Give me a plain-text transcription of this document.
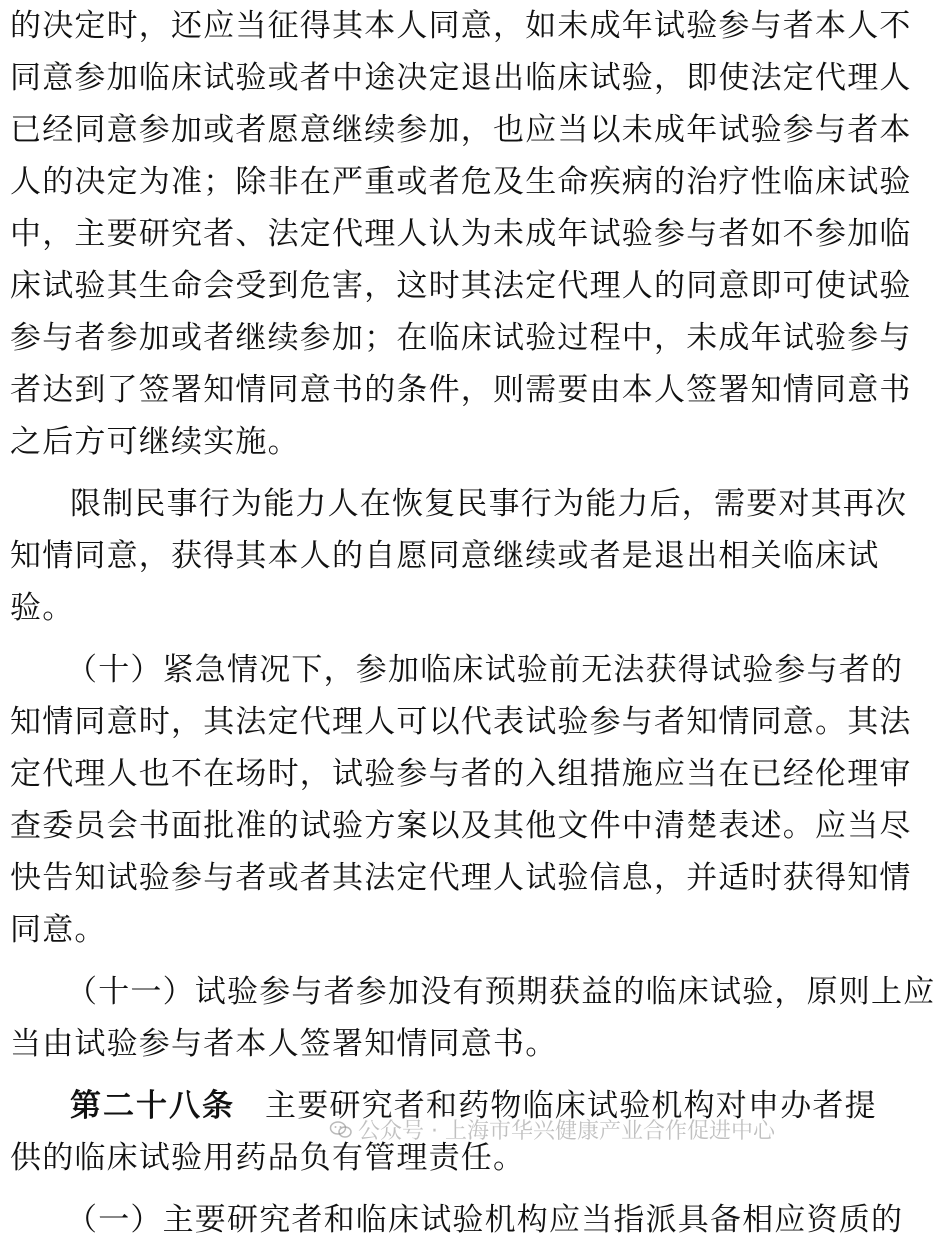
的决定时，还应当征得其本人同意，如未成年试验参与者本人不
同意参加临床试验或者中途决定退出临床试验，即使法定代理人
已经同意参加或者愿意继续参加，也应当以未成年试验参与者本
人的决定为准；除非在严重或者危及生命疾病的治疗性临床试验
中，主要研究者、法定代理人认为未成年试验参与者如不参加临
床试验其生命会受到危害，这时其法定代理人的同意即可使试验
参与者参加或者继续参加；在临床试验过程中，未成年试验参与
者达到了签署知情同意书的条件，则需要由本人签署知情同意书
之后方可继续实施。
限制民事行为能力人在恢复民事行为能力后，需要对其再次
知情同意，获得其本人的自愿同意继续或者是退出相关临床试
验。
（十）紧急情况下，参加临床试验前无法获得试验参与者的
知情同意时，其法定代理人可以代表试验参与者知情同意。其法
定代理人也不在场时，试验参与者的入组措施应当在已经伦理审
查委员会书面批准的试验方案以及其他文件中清楚表述。应当尽
快告知试验参与者或者其法定代理人试验信息，并适时获得知情
同意。
（十一）试验参与者参加没有预期获益的临床试验，原则上应
当由试验参与者本人签署知情同意书。
第二十八条 主要研究者和药物临床试验机构对申办者提
供的临床试验用药品负有管理责任。
（一）主要研究者和临床试验机构应当指派具备相应资质的
公众号 · 上海市华兴健康产业合作促进中心
